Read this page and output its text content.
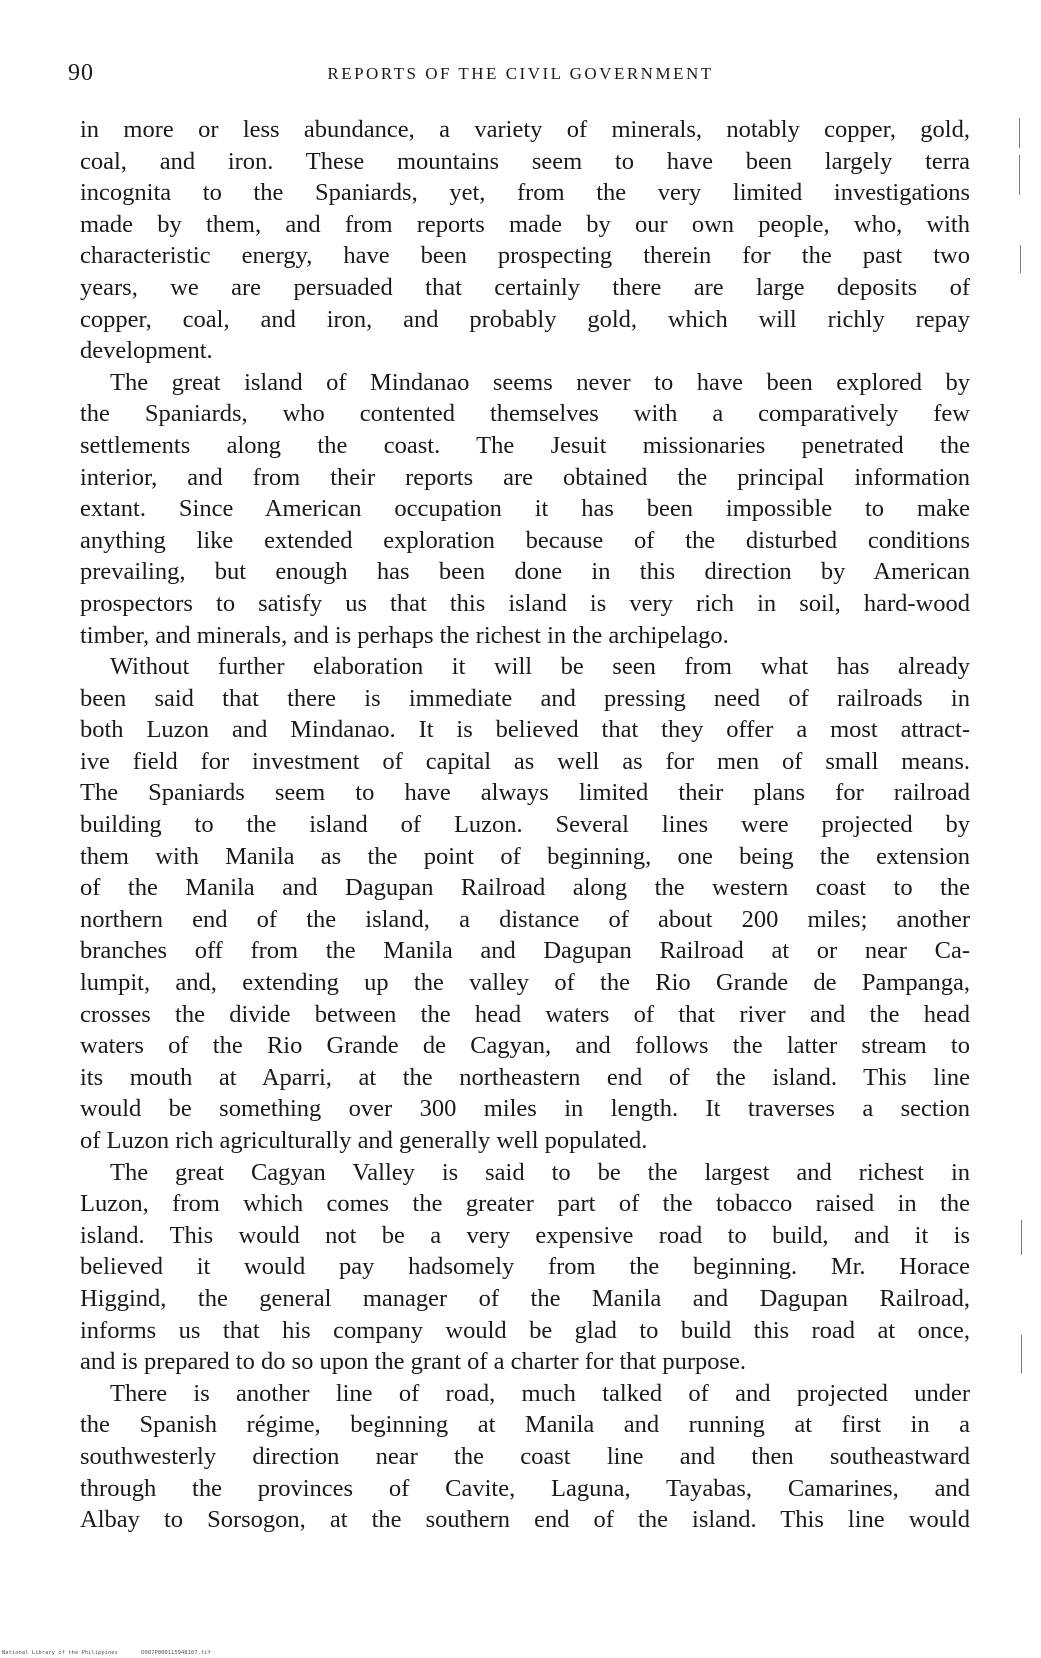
90	REPORTS OF THE CIVIL GOVERNMENT
in more or less abundance, a variety of minerals, notably copper, gold,
coal, and iron. These mountains seem to have been largely terra
incognita to the Spaniards, yet, from the very limited investigations
made by them, and from reports made by our own people, who, with
characteristic energy, have been prospecting therein for the past two
years, we are persuaded that certainly there are large deposits of
copper, coal, and iron, and probably gold, which will richly repay
development.
The great island of Mindanao seems never to have been explored by
the Spaniards, who contented themselves with a comparatively few
settlements along the coast. The Jesuit missionaries penetrated the
interior, and from their reports are obtained the principal information
extant. Since American occupation it has been impossible to make
anything like extended exploration because of the disturbed conditions
prevailing, but enough has been done in this direction by American
prospectors to satisfy us that this island is very rich in soil, hard-wood
timber, and minerals, and is perhaps the richest in the archipelago.
Without further elaboration it will be seen from what has already
been said that there is immediate and pressing need of railroads in
both Luzon and Mindanao. It is believed that they offer a most attract-
ive field for investment of capital as well as for men of small means.
The Spaniards seem to have always limited their plans for railroad
building to the island of Luzon. Several lines were projected by
them with Manila as the point of beginning, one being the extension
of the Manila and Dagupan Railroad along the western coast to the
northern end of the island, a distance of about 200 miles; another
branches off from the Manila and Dagupan Railroad at or near Ca-
lumpit, and, extending up the valley of the Rio Grande de Pampanga,
crosses the divide between the head waters of that river and the head
waters of the Rio Grande de Cagyan, and follows the latter stream to
its mouth at Aparri, at the northeastern end of the island. This line
would be something over 300 miles in length. It traverses a section
of Luzon rich agriculturally and generally well populated.
The great Cagyan Valley is said to be the largest and richest in
Luzon, from which comes the greater part of the tobacco raised in the
island. This would not be a very expensive road to build, and it is
believed it would pay hadsomely from the beginning. Mr. Horace
Higgind, the general manager of the Manila and Dagupan Railroad,
informs us that his company would be glad to build this road at once,
and is prepared to do so upon the grant of a charter for that purpose.
There is another line of road, much talked of and projected under
the Spanish régime, beginning at Manila and running at first in a
southwesterly direction near the coast line and then southeastward
through the provinces of Cavite, Laguna, Tayabas, Camarines, and
Albay to Sorsogon, at the southern end of the island. This line would
National Library of the Philippines	D087P000115948107.tif
